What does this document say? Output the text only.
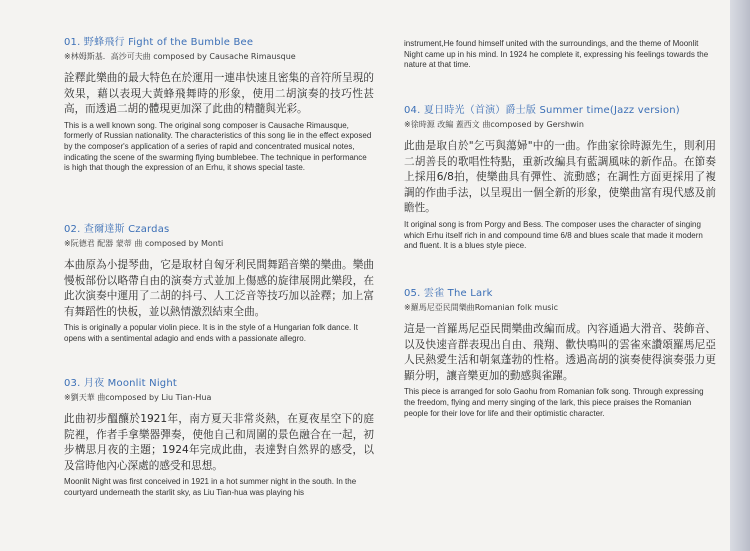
01. 野蜂飛行 Fight of the Bumble Bee
※林姆斯基．高沙可夫曲 composed by Causache Rimausque
詮釋此樂曲的最大特色在於運用一連串快速且密集的音符所呈現的效果，藉以表現大黃蜂飛舞時的形象，使用二胡演奏的技巧性甚高，而透過二胡的體現更加深了此曲的精髓與光彩。
This is a well known song. The original song composer is Causache Rimausque, formerly of Russian nationality. The characteristics of this song lie in the effect exposed by the composer's application of a series of rapid and concentrated musical notes, indicating the scene of the swarming flying bumblebee. The technique in performance is high that though the expression of an Erhu, it shows special taste.
02. 查爾達斯 Czardas
※阮德君 配器 蒙蒂 曲 composed by Monti
本曲原為小提琴曲，它是取材自匈牙利民間舞蹈音樂的樂曲。樂曲慢板部份以略帶自由的演奏方式並加上傷感的旋律展開此樂段，在此次演奏中運用了二胡的抖弓、人工泛音等技巧加以詮釋；加上富有舞蹈性的快板，並以熱情激烈結束全曲。
This is originally a popular violin piece. It is in the style of a Hungarian folk dance. It opens with a sentimental adagio and ends with a passionate allegro.
03. 月夜 Moonlit Night
※劉天華 曲composed by Liu Tian-Hua
此曲初步醞釀於1921年，南方夏天非常炎熱，在夏夜星空下的庭院裡，作者手拿樂器彈奏，使他自己和周圍的景色融合在一起，初步構思月夜的主題；1924年完成此曲，表達對自然界的感受，以及當時他內心深處的感受和思想。
Moonlit Night was first conceived in 1921 in a hot summer night in the south. In the courtyard underneath the starlit sky, as Liu Tian-hua was playing his
instrument,He found himself united with the surroundings, and the theme of Moonlit Night came up in his mind. In 1924 he complete it, expressing his feelings towards the nature at that time.
04. 夏日時光（首演）爵士版 Summer time(Jazz version)
※徐時源 改編 蓋西文 曲composed by Gershwin
此曲是取自於"乞丐與蕩婦"中的一曲。作曲家徐時源先生，則利用二胡善長的歌唱性特點，重新改編具有藍調風味的新作品。在節奏上採用6/8拍，使樂曲具有彈性、流動感；在調性方面更採用了複調的作曲手法，以呈現出一個全新的形象，使樂曲富有現代感及前瞻性。
It original song is from Porgy and Bess. The composer uses the character of singing which Erhu itself rich in and compound time 6/8 and blues scale that made it modern and fluent. It is a blues style piece.
05. 雲雀 The Lark
※羅馬尼亞民間樂曲Romanian folk music
這是一首羅馬尼亞民間樂曲改編而成。內容通過大滑音、裝飾音、以及快速音群表現出自由、飛翔、歡快鳴叫的雲雀來讚頌羅馬尼亞人民熱愛生活和朝氣蓬勃的性格。透過高胡的演奏使得演奏張力更顯分明，讓音樂更加的動感與雀躍。
This piece is arranged for solo Gaohu from Romanian folk song. Through expressing the freedom, flying and merry singing of the lark, this piece praises the Romanian people for their love for life and their optimistic character.
